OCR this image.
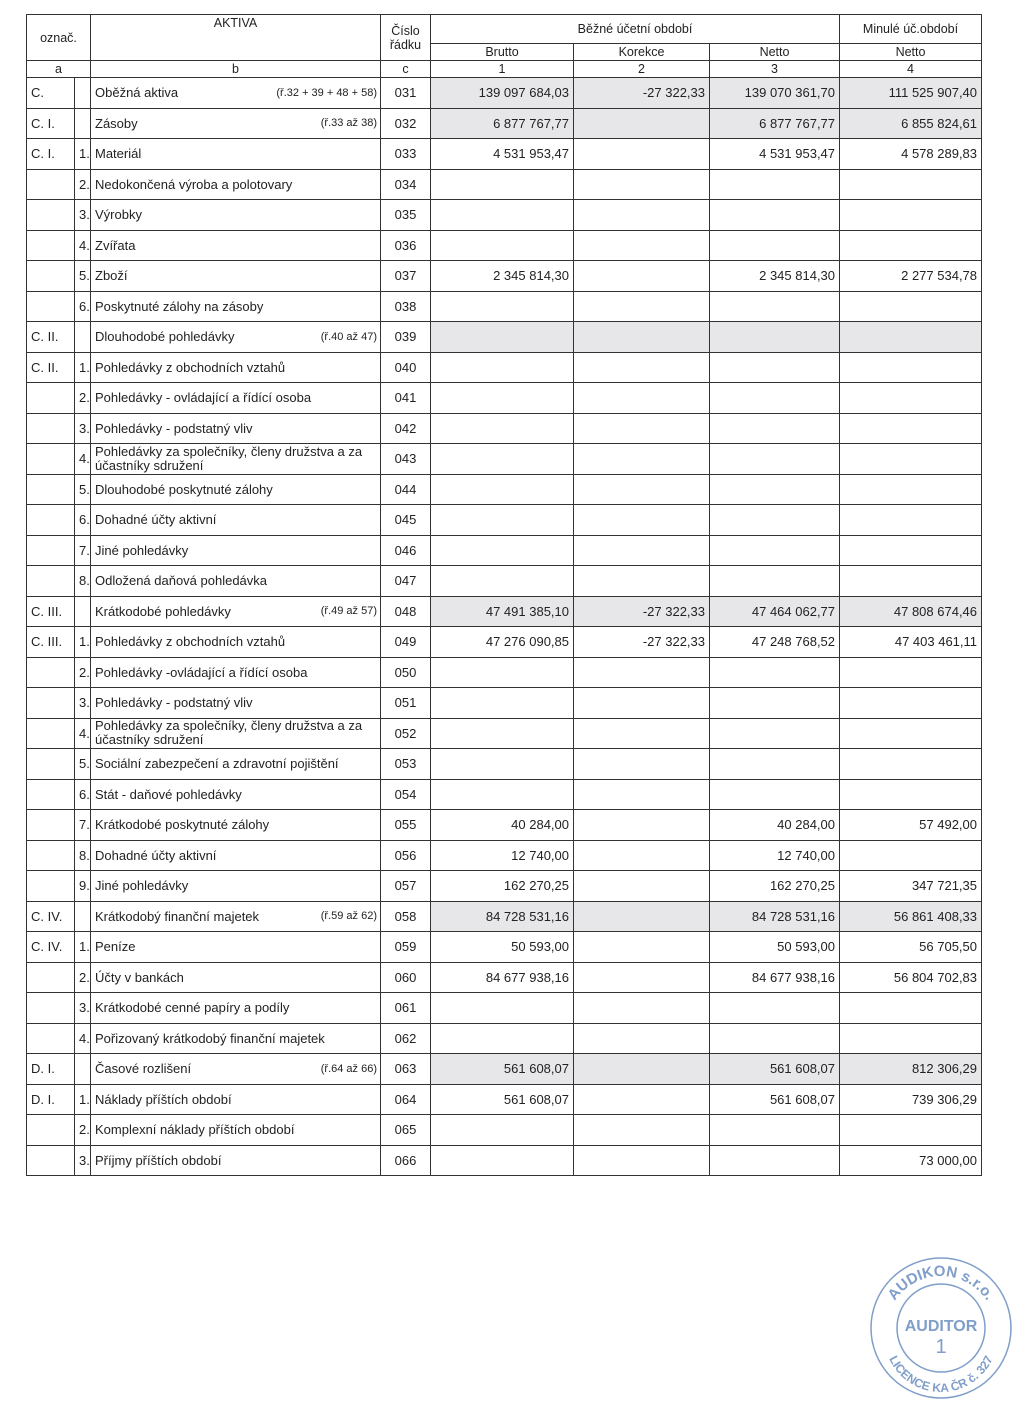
označ.		AKTIVA	Číslo
řádku	Běžné účetní období			Minulé úč.období
				Brutto	Korekce	Netto	Netto
a		b	c	1	2	3	4
C.		Oběžná aktiva (ř.32 + 39 + 48 + 58)	031	139 097 684,03	-27 322,33	139 070 361,70	111 525 907,40
C. I.		Zásoby (ř.33 až 38)	032	6 877 767,77		6 877 767,77	6 855 824,61
C. I.	1.	Materiál	033	4 531 953,47		4 531 953,47	4 578 289,83
	2.	Nedokončená výroba a polotovary	034				
	3.	Výrobky	035				
	4.	Zvířata	036				
	5.	Zboží	037	2 345 814,30		2 345 814,30	2 277 534,78
	6.	Poskytnuté zálohy na zásoby	038				
C. II.		Dlouhodobé pohledávky (ř.40 až 47)	039				
C. II.	1.	Pohledávky z obchodních vztahů	040				
	2.	Pohledávky - ovládající a řídící osoba	041				
	3.	Pohledávky - podstatný vliv	042				
	4.	Pohledávky za společníky, členy družstva a za účastníky sdružení	043				
	5.	Dlouhodobé poskytnuté zálohy	044				
	6.	Dohadné účty aktivní	045				
	7.	Jiné pohledávky	046				
	8.	Odložená daňová pohledávka	047				
C. III.		Krátkodobé pohledávky (ř.49 až 57)	048	47 491 385,10	-27 322,33	47 464 062,77	47 808 674,46
C. III.	1.	Pohledávky z obchodních vztahů	049	47 276 090,85	-27 322,33	47 248 768,52	47 403 461,11
	2.	Pohledávky -ovládající a řídící osoba	050				
	3.	Pohledávky - podstatný vliv	051				
	4.	Pohledávky za společníky, členy družstva a za účastníky sdružení	052				
	5.	Sociální zabezpečení a zdravotní pojištění	053				
	6.	Stát - daňové pohledávky	054				
	7.	Krátkodobé poskytnuté zálohy	055	40 284,00		40 284,00	57 492,00
	8.	Dohadné účty aktivní	056	12 740,00		12 740,00	
	9.	Jiné pohledávky	057	162 270,25		162 270,25	347 721,35
C. IV.		Krátkodobý finanční majetek (ř.59 až 62)	058	84 728 531,16		84 728 531,16	56 861 408,33
C. IV.	1.	Peníze	059	50 593,00		50 593,00	56 705,50
	2.	Účty v bankách	060	84 677 938,16		84 677 938,16	56 804 702,83
	3.	Krátkodobé cenné papíry a podíly	061				
	4.	Pořizovaný krátkodobý finanční majetek	062				
D. I.		Časové rozlišení (ř.64 až 66)	063	561 608,07		561 608,07	812 306,29
D. I.	1.	Náklady příštích období	064	561 608,07		561 608,07	739 306,29
	2.	Komplexní náklady příštích období	065				
	3.	Příjmy příštích období	066				73 000,00
AUDIKON s.r.o.
LICENCE KA ČR č. 327
AUDITOR
1
